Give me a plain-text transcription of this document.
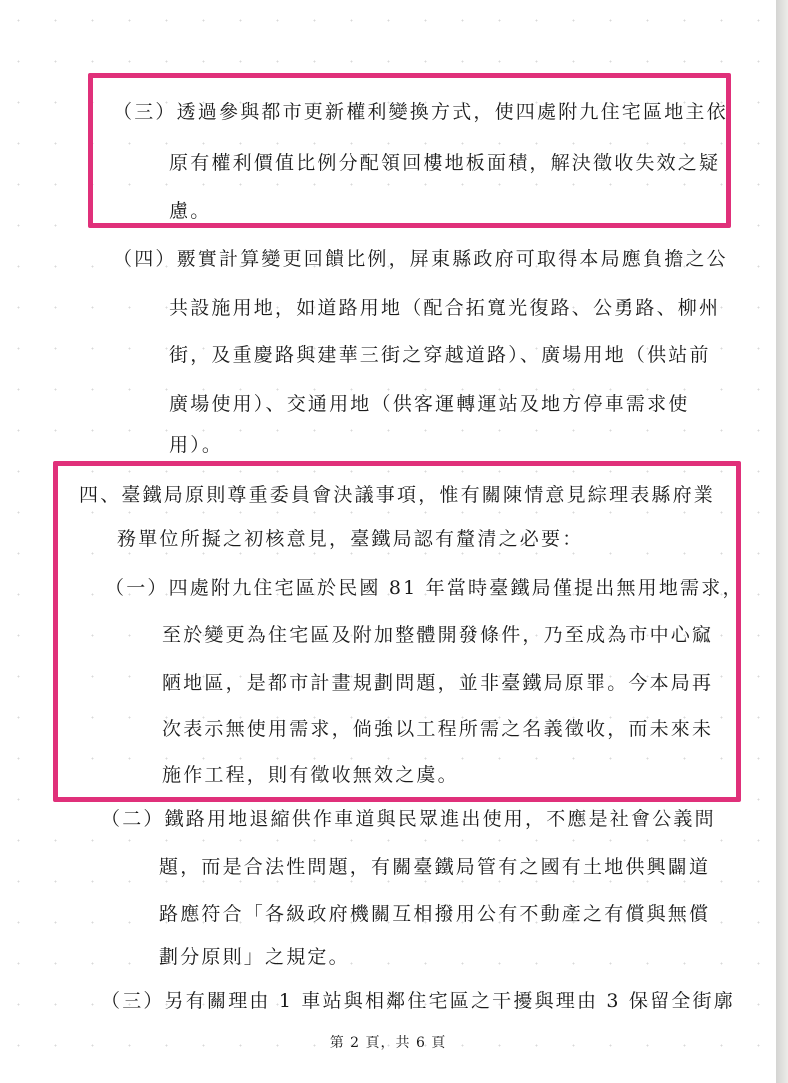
（三）透過參與都市更新權利變換方式，使四處附九住宅區地主依
原有權利價值比例分配領回樓地板面積，解決徵收失效之疑
慮。
（四）覈實計算變更回饋比例，屏東縣政府可取得本局應負擔之公
共設施用地，如道路用地（配合拓寬光復路、公勇路、柳州
街，及重慶路與建華三街之穿越道路）、廣場用地（供站前
廣場使用）、交通用地（供客運轉運站及地方停車需求使
用）。
四、臺鐵局原則尊重委員會決議事項，惟有關陳情意見綜理表縣府業
務單位所擬之初核意見，臺鐵局認有釐清之必要：
（一）四處附九住宅區於民國 81 年當時臺鐵局僅提出無用地需求，
至於變更為住宅區及附加整體開發條件，乃至成為市中心窳
陋地區，是都市計畫規劃問題，並非臺鐵局原罪。今本局再
次表示無使用需求，倘強以工程所需之名義徵收，而未來未
施作工程，則有徵收無效之虞。
（二）鐵路用地退縮供作車道與民眾進出使用，不應是社會公義問
題，而是合法性問題，有關臺鐵局管有之國有土地供興闢道
路應符合「各級政府機關互相撥用公有不動產之有償與無償
劃分原則」之規定。
（三）另有關理由 1 車站與相鄰住宅區之干擾與理由 3 保留全街廓
第 2 頁，共 6 頁
